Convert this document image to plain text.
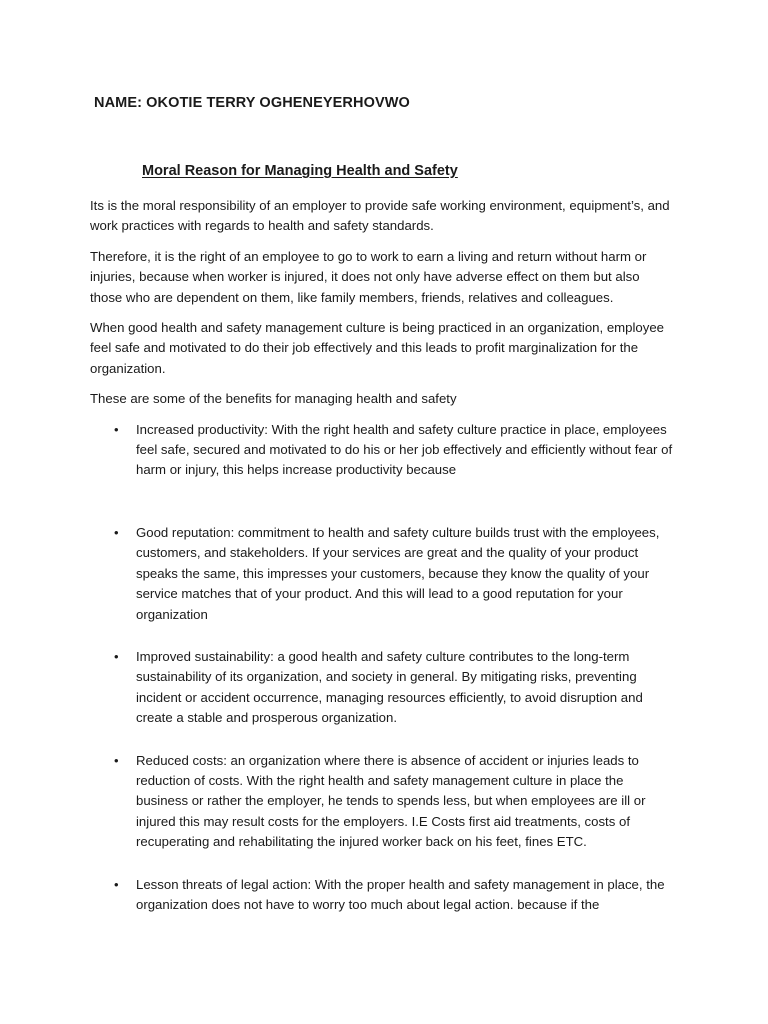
NAME: OKOTIE TERRY OGHENEYERHOVWO
Moral Reason for Managing Health and Safety

Its is the moral responsibility of an employer to provide safe working environment, equipment’s, and work practices with regards to health and safety standards.

Therefore, it is the right of an employee to go to work to earn a living and return without harm or injuries, because when worker is injured, it does not only have adverse effect on them but also those who are dependent on them, like family members, friends, relatives and colleagues.

When good health and safety management culture is being practiced in an organization, employee feel safe and motivated to do their job effectively and this leads to profit marginalization for the organization.

These are some of the benefits for managing health and safety

• Increased productivity: With the right health and safety culture practice in place, employees feel safe, secured and motivated to do his or her job effectively and efficiently without fear of harm or injury, this helps increase productivity because
• Good reputation: commitment to health and safety culture builds trust with the employees, customers, and stakeholders. If your services are great and the quality of your product speaks the same, this impresses your customers, because they know the quality of your service matches that of your product. And this will lead to a good reputation for your organization
• Improved sustainability: a good health and safety culture contributes to the long-term sustainability of its organization, and society in general. By mitigating risks, preventing incident or accident occurrence, managing resources efficiently, to avoid disruption and create a stable and prosperous organization.
• Reduced costs: an organization where there is absence of accident or injuries leads to reduction of costs. With the right health and safety management culture in place the business or rather the employer, he tends to spends less, but when employees are ill or injured this may result costs for the employers. I.E Costs first aid treatments, costs of recuperating and rehabilitating the injured worker back on his feet, fines ETC.
• Lesson threats of legal action: With the proper health and safety management in place, the organization does not have to worry too much about legal action. because if the
